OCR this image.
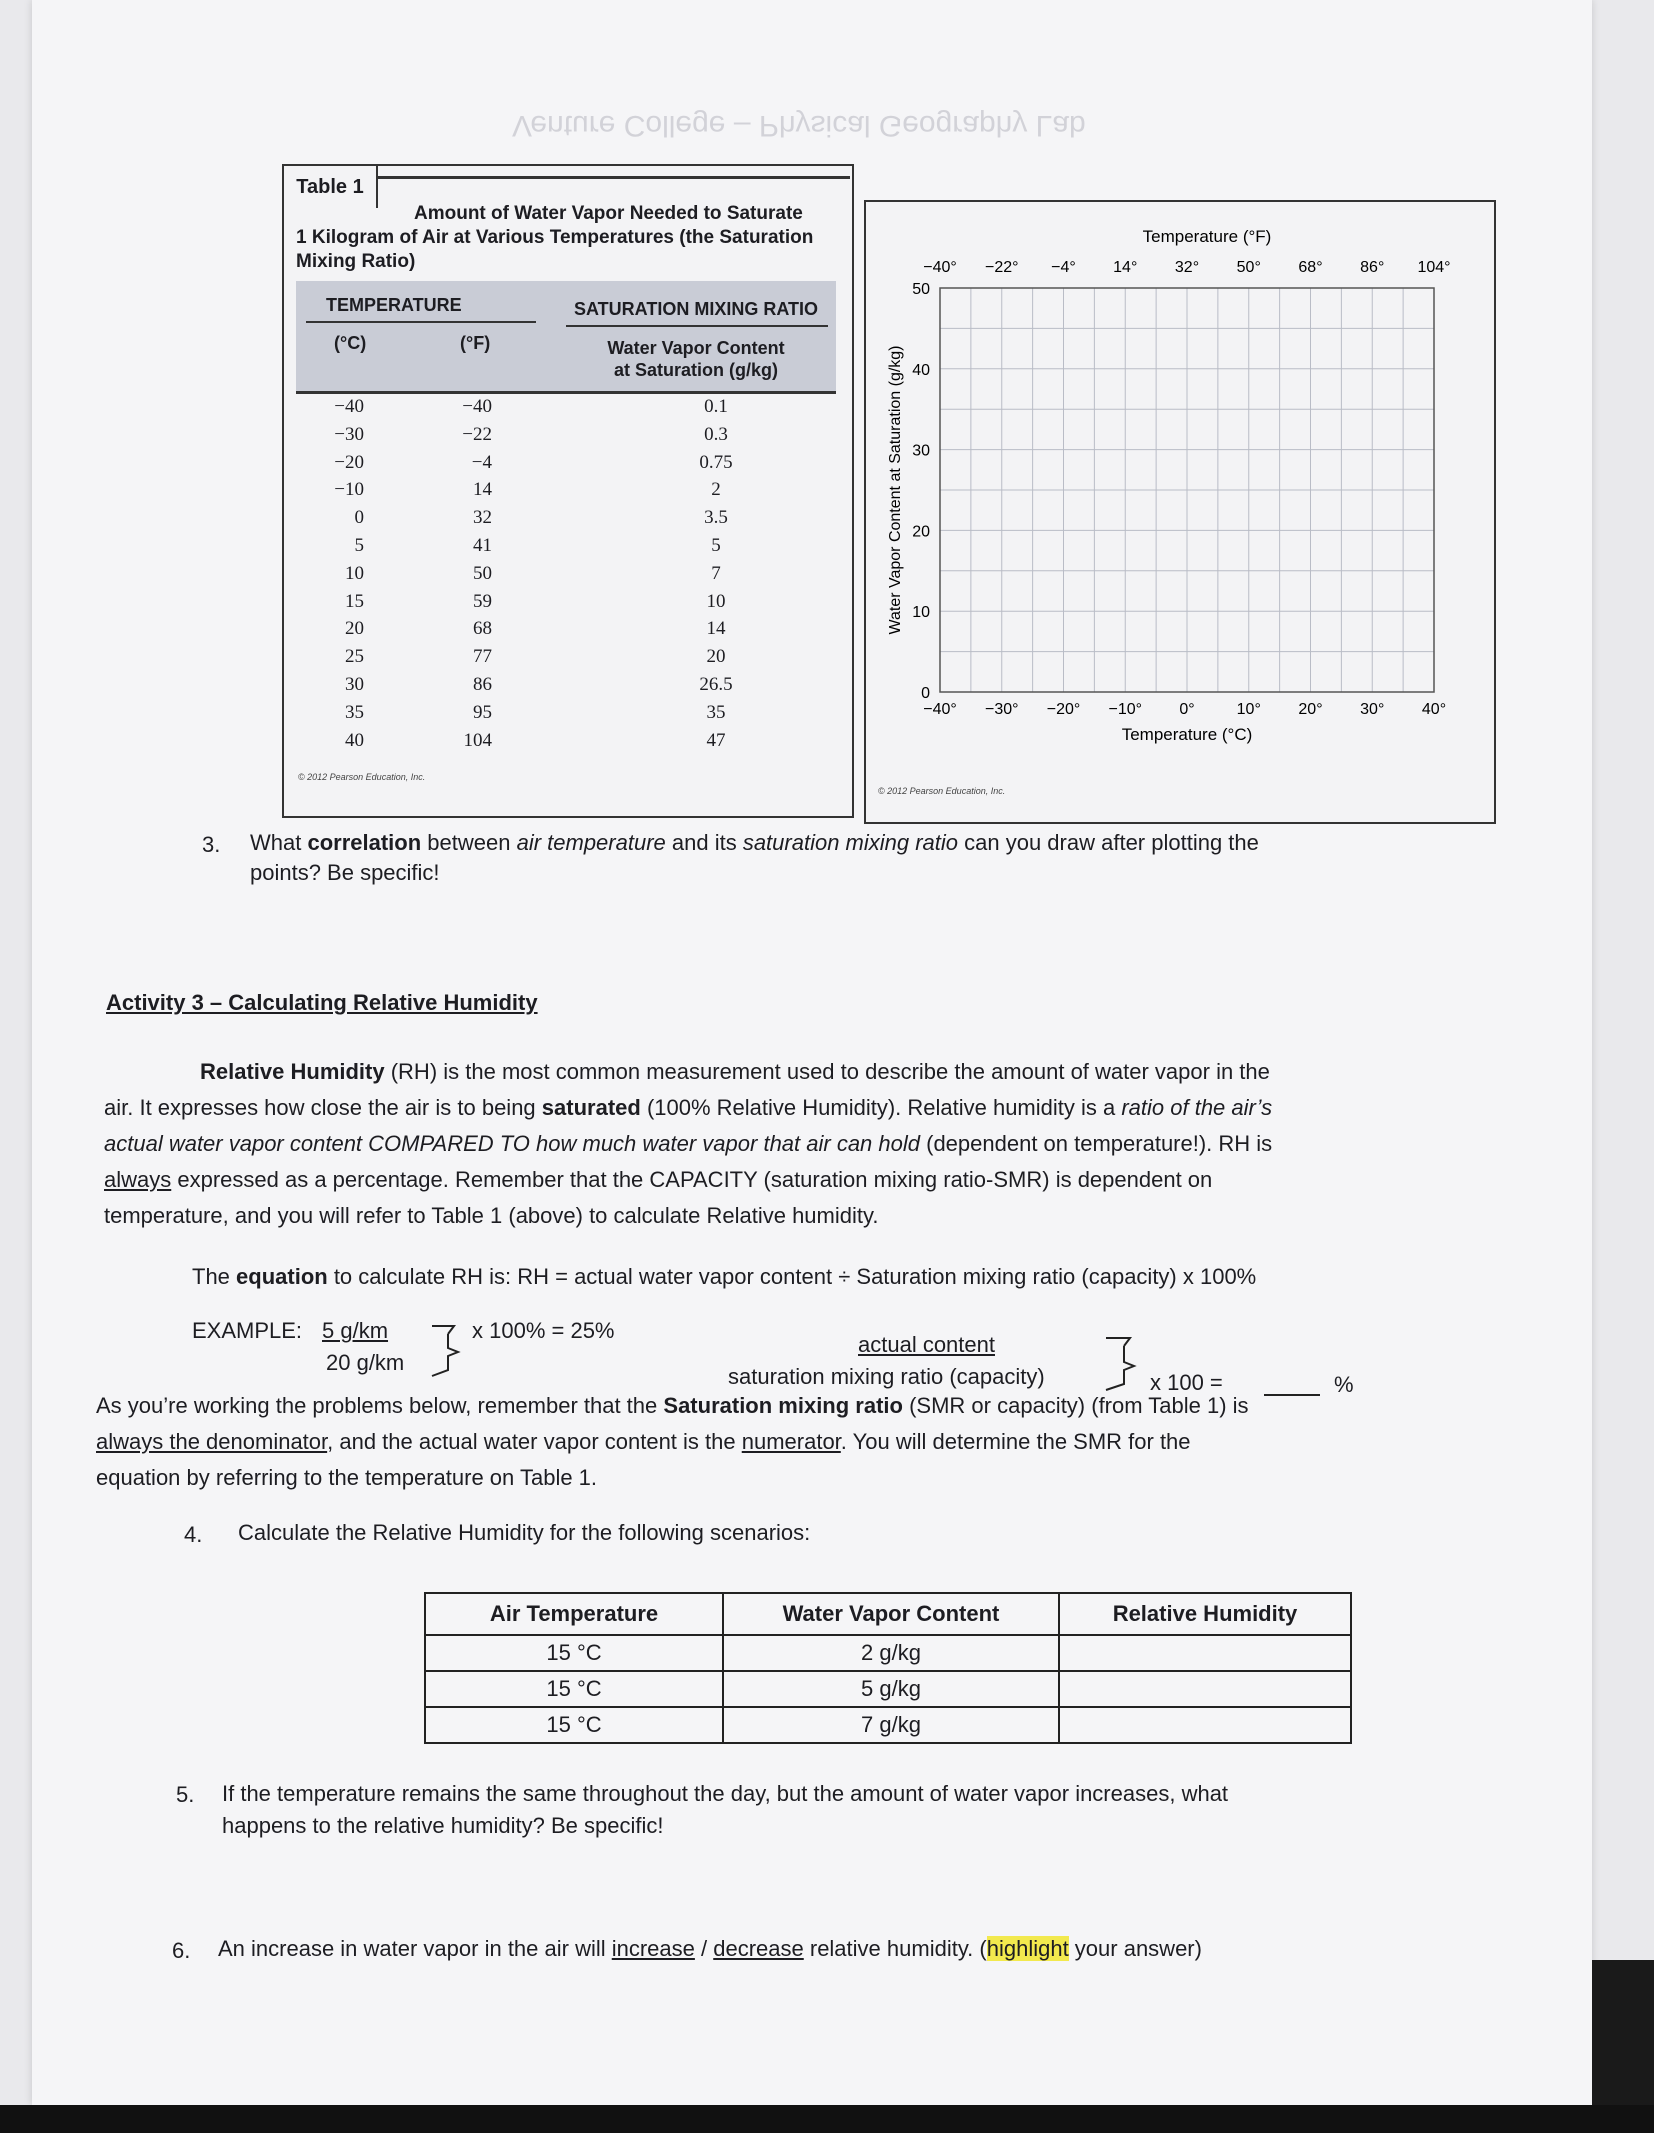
Venture College – Physical Geography Lab
Table 1
Amount of Water Vapor Needed to Saturate
1 Kilogram of Air at Various Temperatures (the Saturation
Mixing Ratio)
TEMPERATURE	SATURATION MIXING RATIO
(°C)	(°F)	Water Vapor Content
at Saturation (g/kg)
−40	−40	0.1
−30	−22	0.3
−20	−4	0.75
−10	14	2
0	32	3.5
5	41	5
10	50	7
15	59	10
20	68	14
25	77	20
30	86	26.5
35	95	35
40	104	47
© 2012 Pearson Education, Inc.
−40° −30° −20° −10° 0°	10° 20° 30° 40°
−40° −22° −4° 14° 32° 50° 68° 86° 104°
0
10
20
30
40
50
Temperature (°C)
Temperature (°F)
Water Vapor Content at Saturation (g/kg)
© 2012 Pearson Education, Inc.
3. What correlation between air temperature and its saturation mixing ratio can you draw after plotting the
points? Be specific!
Activity 3 – Calculating Relative Humidity
Relative Humidity (RH) is the most common measurement used to describe the amount of water vapor in the
air. It expresses how close the air is to being saturated (100% Relative Humidity). Relative humidity is a ratio of the air’s
actual water vapor content COMPARED TO how much water vapor that air can hold (dependent on temperature!). RH is
always expressed as a percentage. Remember that the CAPACITY (saturation mixing ratio-SMR) is dependent on
temperature, and you will refer to Table 1 (above) to calculate Relative humidity.
The equation to calculate RH is: RH = actual water vapor content ÷ Saturation mixing ratio (capacity) x 100%
EXAMPLE: 5 g/km
20 g/km
x 100% = 25%
actual content
saturation mixing ratio (capacity)	x 100 =	%
As you’re working the problems below, remember that the Saturation mixing ratio (SMR or capacity) (from Table 1) is
always the denominator, and the actual water vapor content is the numerator. You will determine the SMR for the
equation by referring to the temperature on Table 1.
4. Calculate the Relative Humidity for the following scenarios:
Air Temperature	Water Vapor Content	Relative Humidity
15 °C	2 g/kg	
15 °C	5 g/kg	
15 °C	7 g/kg	
5. If the temperature remains the same throughout the day, but the amount of water vapor increases, what
happens to the relative humidity? Be specific!
6. An increase in water vapor in the air will increase / decrease relative humidity. (highlight your answer)
